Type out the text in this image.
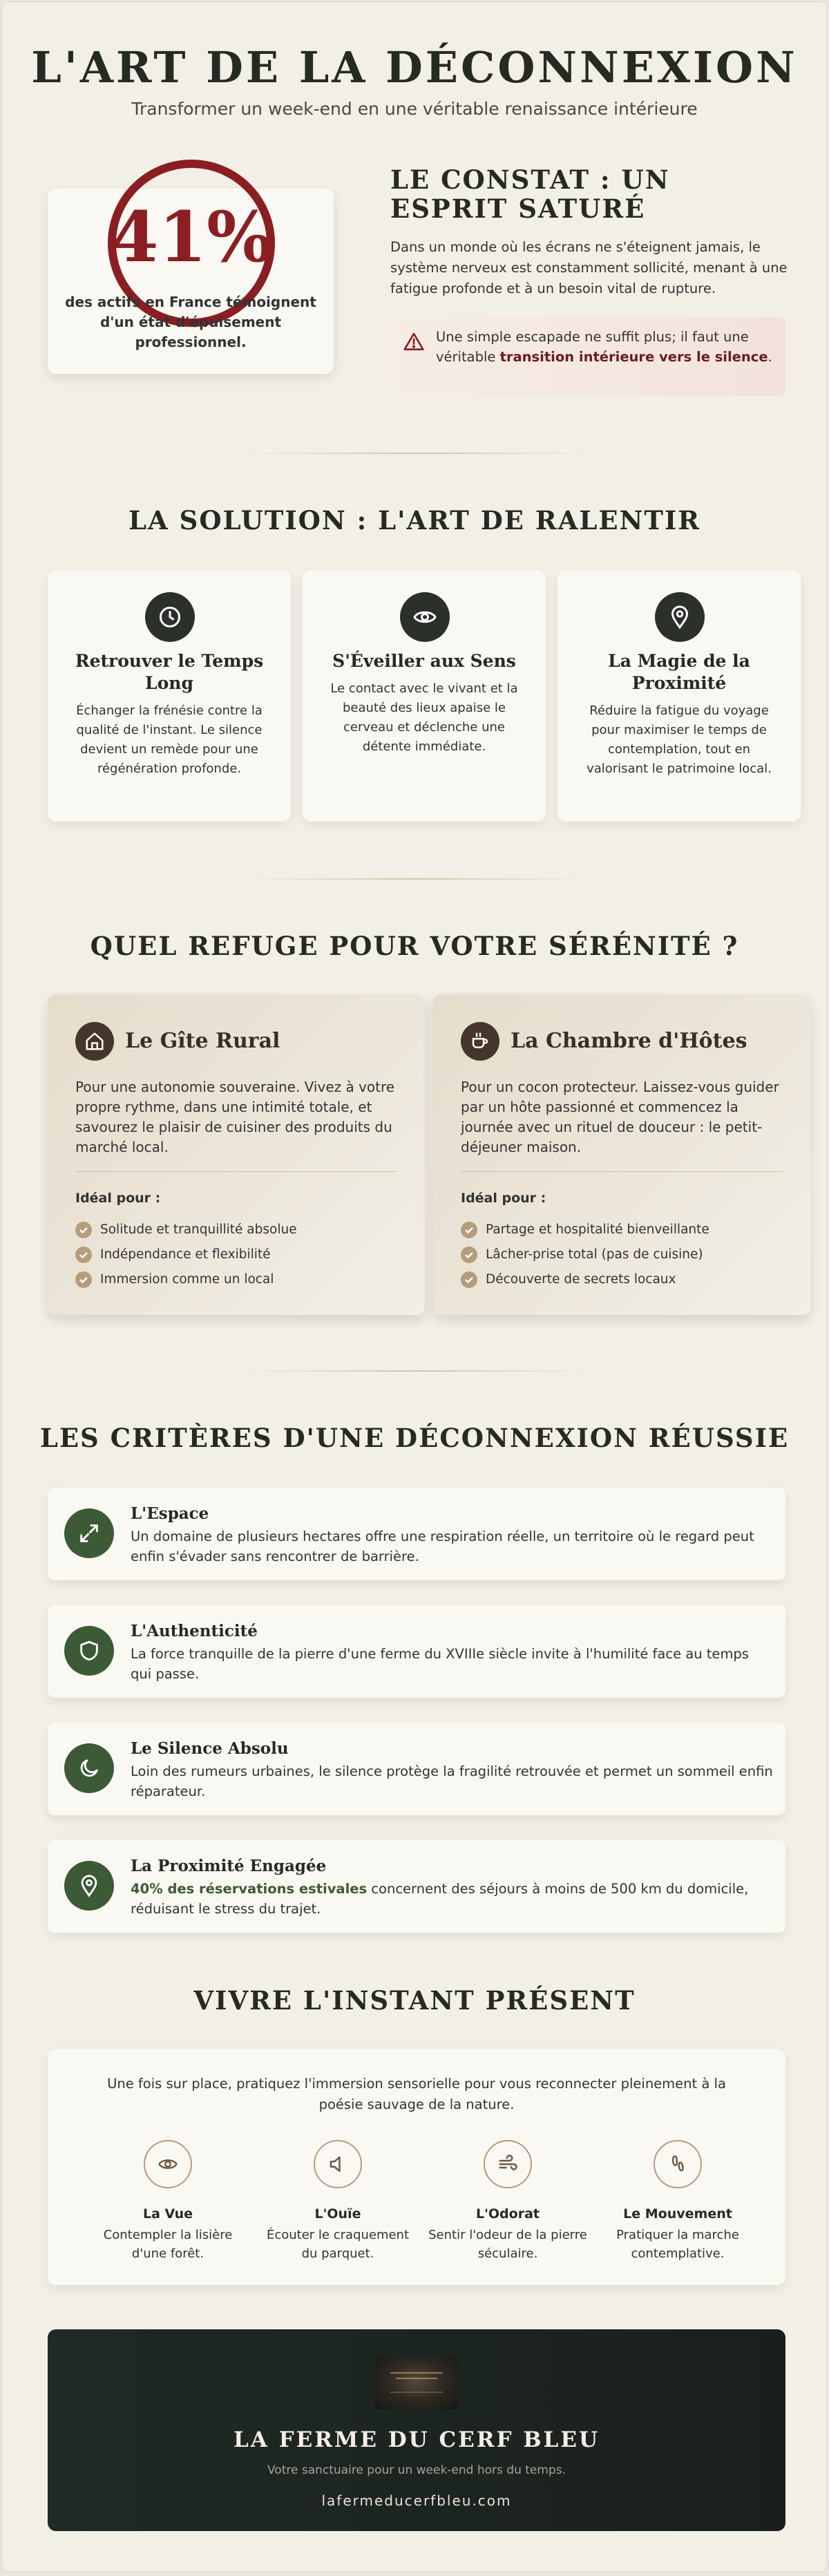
L'ART DE LA DÉCONNEXION
Transformer un week-end en une véritable renaissance intérieure
41%
des actifs en France témoignent d'un état d'épuisement professionnel.
LE CONSTAT : UN ESPRIT SATURÉ
Dans un monde où les écrans ne s'éteignent jamais, le système nerveux est constamment sollicité, menant à une fatigue profonde et à un besoin vital de rupture.
Une simple escapade ne suffit plus; il faut une véritable transition intérieure vers le silence.
LA SOLUTION : L'ART DE RALENTIR
Retrouver le Temps Long
Échanger la frénésie contre la qualité de l'instant. Le silence devient un remède pour une régénération profonde.
S'Éveiller aux Sens
Le contact avec le vivant et la beauté des lieux apaise le cerveau et déclenche une détente immédiate.
La Magie de la Proximité
Réduire la fatigue du voyage pour maximiser le temps de contemplation, tout en valorisant le patrimoine local.
QUEL REFUGE POUR VOTRE SÉRÉNITÉ ?
Le Gîte Rural
Pour une autonomie souveraine. Vivez à votre propre rythme, dans une intimité totale, et savourez le plaisir de cuisiner des produits du marché local.
Idéal pour :
Solitude et tranquillité absolue
Indépendance et flexibilité
Immersion comme un local
La Chambre d'Hôtes
Pour un cocon protecteur. Laissez-vous guider par un hôte passionné et commencez la journée avec un rituel de douceur : le petit-déjeuner maison.
Idéal pour :
Partage et hospitalité bienveillante
Lâcher-prise total (pas de cuisine)
Découverte de secrets locaux
LES CRITÈRES D'UNE DÉCONNEXION RÉUSSIE
L'Espace
Un domaine de plusieurs hectares offre une respiration réelle, un territoire où le regard peut enfin s'évader sans rencontrer de barrière.
L'Authenticité
La force tranquille de la pierre d'une ferme du XVIIIe siècle invite à l'humilité face au temps qui passe.
Le Silence Absolu
Loin des rumeurs urbaines, le silence protège la fragilité retrouvée et permet un sommeil enfin réparateur.
La Proximité Engagée
40% des réservations estivales concernent des séjours à moins de 500 km du domicile, réduisant le stress du trajet.
VIVRE L'INSTANT PRÉSENT
Une fois sur place, pratiquez l'immersion sensorielle pour vous reconnecter pleinement à la poésie sauvage de la nature.
La Vue
Contempler la lisière d'une forêt.
L'Ouïe
Écouter le craquement du parquet.
L'Odorat
Sentir l'odeur de la pierre séculaire.
Le Mouvement
Pratiquer la marche contemplative.
LA FERME DU CERF BLEU
Votre sanctuaire pour un week-end hors du temps.
lafermeducerfbleu.com
